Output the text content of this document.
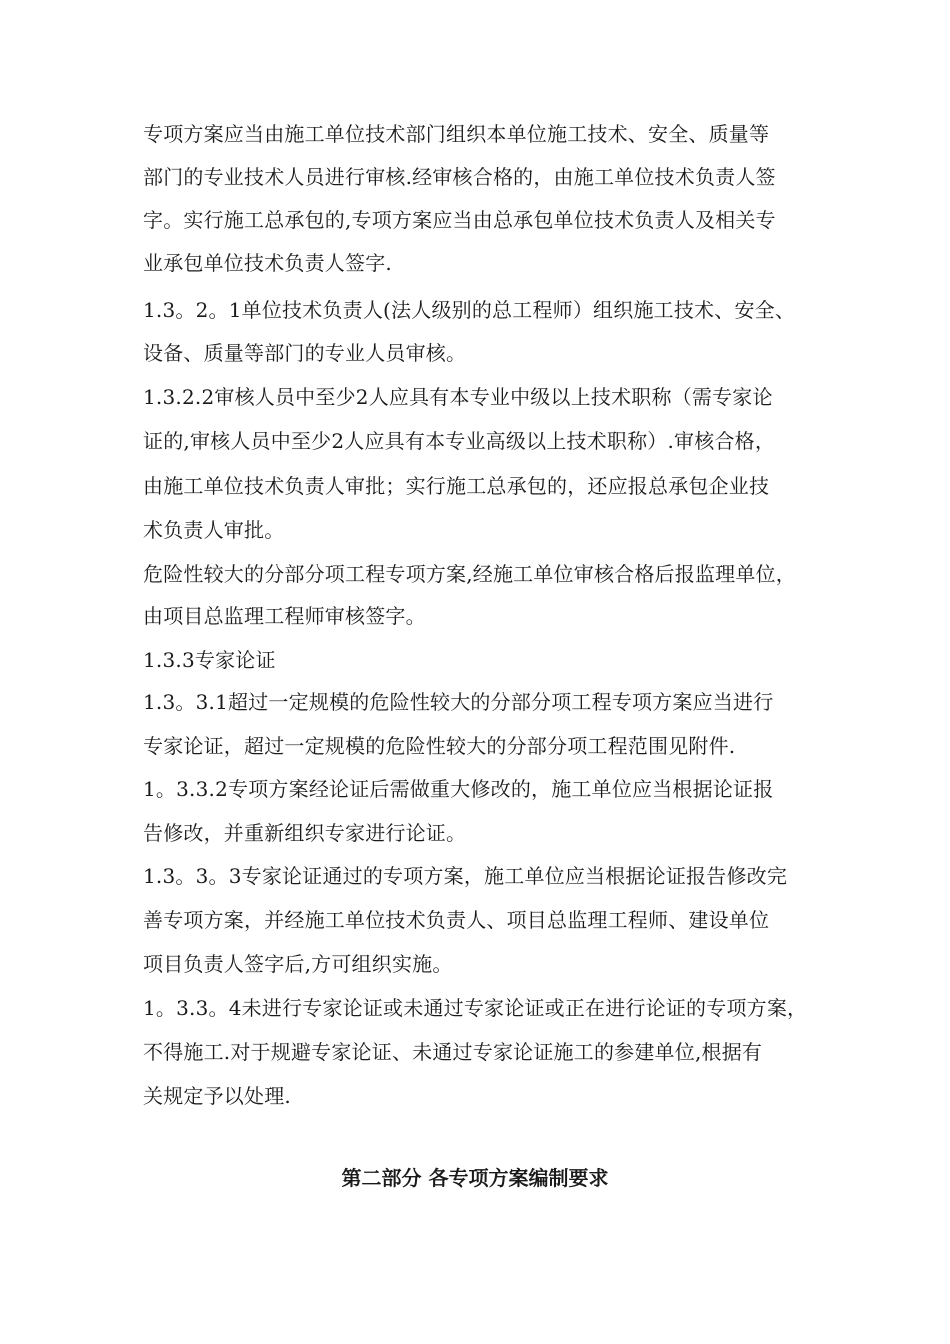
专项方案应当由施工单位技术部门组织本单位施工技术、安全、质量等
部门的专业技术人员进行审核.经审核合格的，由施工单位技术负责人签
字。实行施工总承包的,专项方案应当由总承包单位技术负责人及相关专
业承包单位技术负责人签字.
1.3。2。1单位技术负责人(法人级别的总工程师）组织施工技术、安全、
设备、质量等部门的专业人员审核。
1.3.2.2审核人员中至少2人应具有本专业中级以上技术职称（需专家论
证的,审核人员中至少2人应具有本专业高级以上技术职称）.审核合格，
由施工单位技术负责人审批；实行施工总承包的，还应报总承包企业技
术负责人审批。
危险性较大的分部分项工程专项方案,经施工单位审核合格后报监理单位，
由项目总监理工程师审核签字。
1.3.3专家论证
1.3。3.1超过一定规模的危险性较大的分部分项工程专项方案应当进行
专家论证，超过一定规模的危险性较大的分部分项工程范围见附件.
1。3.3.2专项方案经论证后需做重大修改的，施工单位应当根据论证报
告修改，并重新组织专家进行论证。
1.3。3。3专家论证通过的专项方案，施工单位应当根据论证报告修改完
善专项方案，并经施工单位技术负责人、项目总监理工程师、建设单位
项目负责人签字后,方可组织实施。
1。3.3。4未进行专家论证或未通过专家论证或正在进行论证的专项方案，
不得施工.对于规避专家论证、未通过专家论证施工的参建单位,根据有
关规定予以处理.
第二部分 各专项方案编制要求
